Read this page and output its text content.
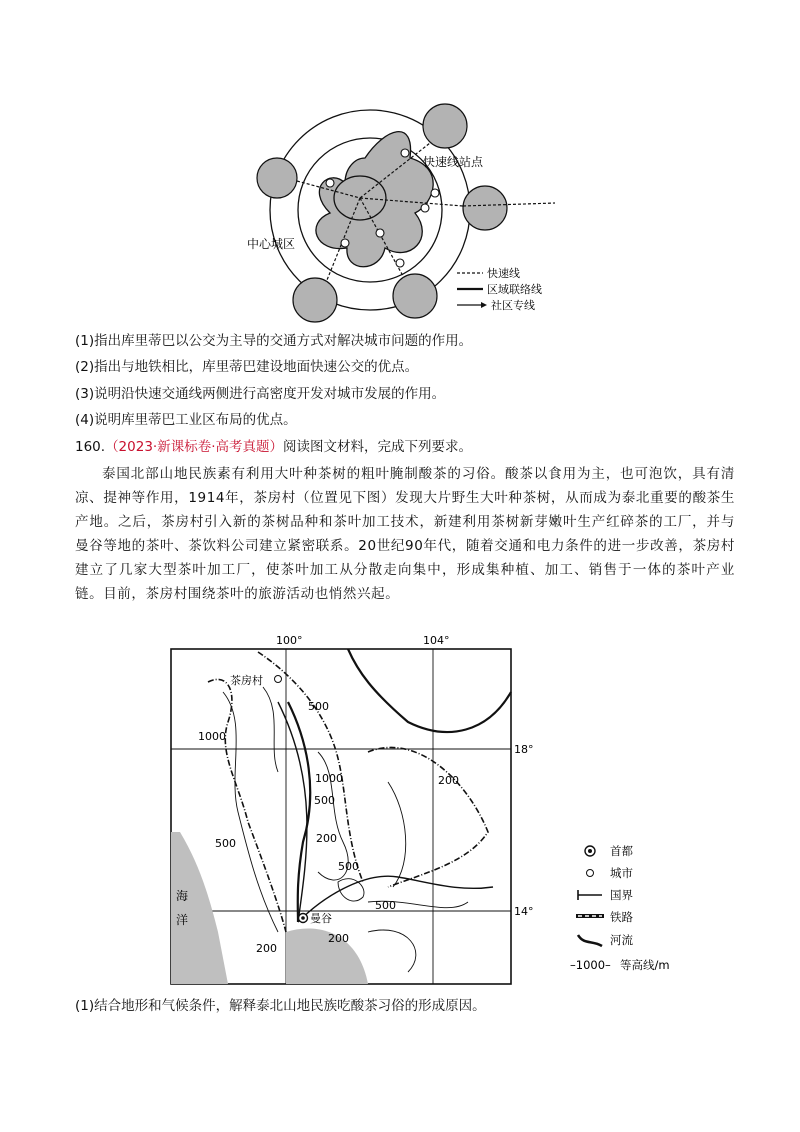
快速线站点
中心城区
快速线
区域联络线
社区专线
(1)指出库里蒂巴以公交为主导的交通方式对解决城市问题的作用。
(2)指出与地铁相比，库里蒂巴建设地面快速公交的优点。
(3)说明沿快速交通线两侧进行高密度开发对城市发展的作用。
(4)说明库里蒂巴工业区布局的优点。
160.（2023·新课标卷·高考真题）阅读图文材料，完成下列要求。
泰国北部山地民族素有利用大叶种茶树的粗叶腌制酸茶的习俗。酸茶以食用为主，也可泡饮，具有清凉、提神等作用，1914年，茶房村（位置见下图）发现大片野生大叶种茶树，从而成为泰北重要的酸茶生产地。之后，茶房村引入新的茶树品种和茶叶加工技术，新建利用茶树新芽嫩叶生产红碎茶的工厂，并与曼谷等地的茶叶、茶饮料公司建立紧密联系。20世纪90年代，随着交通和电力条件的进一步改善，茶房村建立了几家大型茶叶加工厂，使茶叶加工从分散走向集中，形成集种植、加工、销售于一体的茶叶产业链。目前，茶房村围绕茶叶的旅游活动也悄然兴起。
100°	104°
18°
14°
500
1000
1000
500
200
500	200
500
500
200
200
茶房村
曼谷
海
洋
首都
城市
国界
铁路
河流
–1000– 等高线/m
(1)结合地形和气候条件，解释泰北山地民族吃酸茶习俗的形成原因。
